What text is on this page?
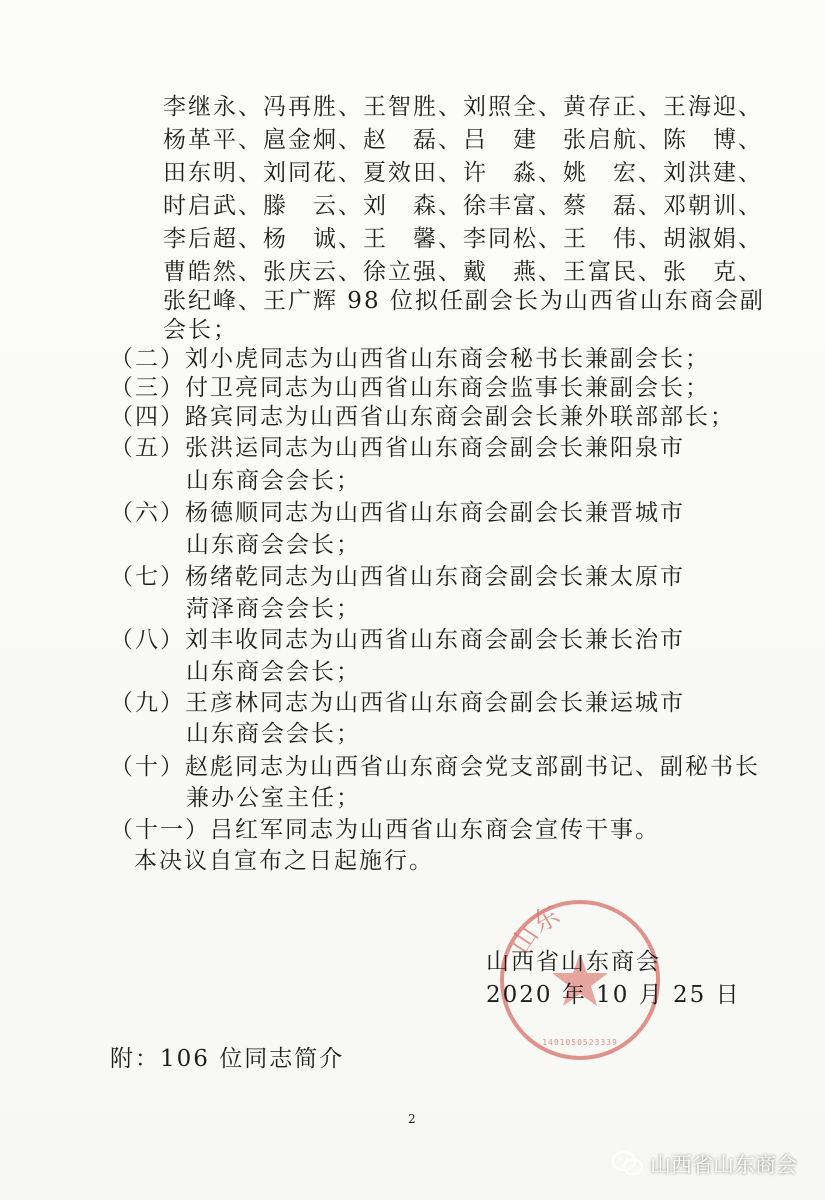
李继永、冯再胜、王智胜、刘照全、黄存正、王海迎、
杨革平、扈金炯、赵　磊、吕　建　张启航、陈　博、
田东明、刘同花、夏效田、许　淼、姚　宏、刘洪建、
时启武、滕　云、刘　森、徐丰富、蔡　磊、邓朝训、
李后超、杨　诚、王　馨、李同松、王　伟、胡淑娟、
曹皓然、张庆云、徐立强、戴　燕、王富民、张　克、
张纪峰、王广辉 98 位拟任副会长为山西省山东商会副
会长；
（二）刘小虎同志为山西省山东商会秘书长兼副会长；
（三）付卫亮同志为山西省山东商会监事长兼副会长；
（四）路宾同志为山西省山东商会副会长兼外联部部长；
（五）张洪运同志为山西省山东商会副会长兼阳泉市
山东商会会长；
（六）杨德顺同志为山西省山东商会副会长兼晋城市
山东商会会长；
（七）杨绪乾同志为山西省山东商会副会长兼太原市
菏泽商会会长；
（八）刘丰收同志为山西省山东商会副会长兼长治市
山东商会会长；
（九）王彦林同志为山西省山东商会副会长兼运城市
山东商会会长；
（十）赵彪同志为山西省山东商会党支部副书记、副秘书长
兼办公室主任；
（十一）吕红军同志为山西省山东商会宣传干事。
本决议自宣布之日起施行。
山东
1401050523339
山西省山东商会
2020 年 10 月 25 日
附：106 位同志简介
2
山西省山东商会
